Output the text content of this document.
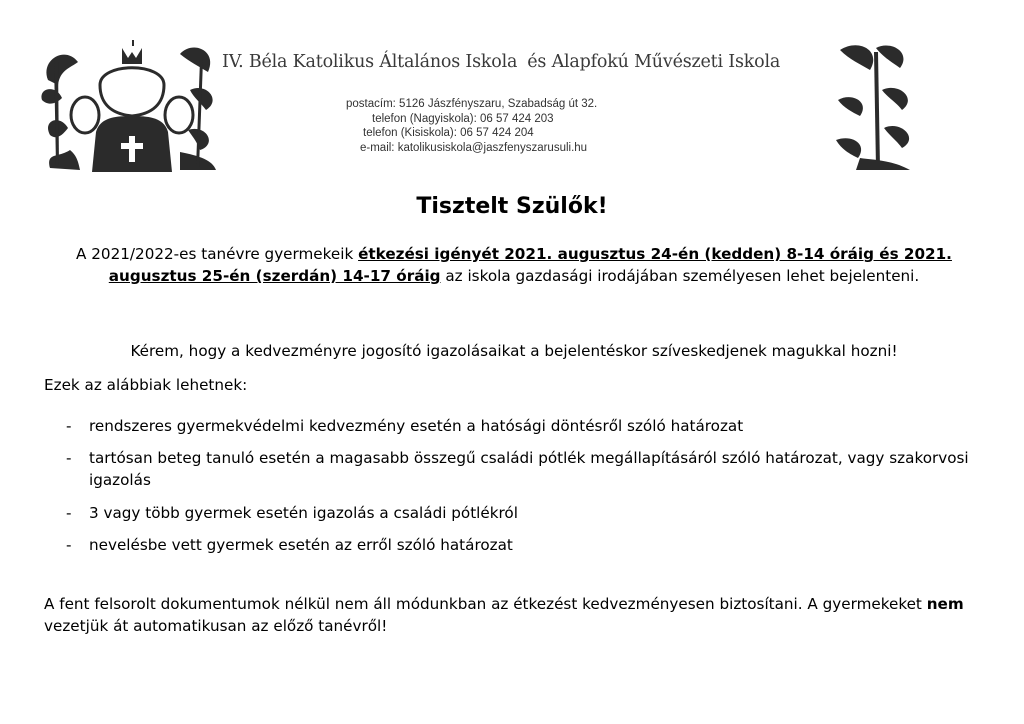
IV. Béla Katolikus Általános Iskola és Alapfokú Művészeti Iskola
postacím: 5126 Jászfényszaru, Szabadság út 32.
telefon (Nagyiskola): 06 57 424 203
telefon (Kisiskola): 06 57 424 204
e-mail: katolikusiskola@jaszfenyszarusuli.hu
Tisztelt Szülők!
A 2021/2022-es tanévre gyermekeik étkezési igényét 2021. augusztus 24-én (kedden) 8-14 óráig és 2021. augusztus 25-én (szerdán) 14-17 óráig az iskola gazdasági irodájában személyesen lehet bejelenteni.
Kérem, hogy a kedvezményre jogosító igazolásaikat a bejelentéskor szíveskedjenek magukkal hozni!
Ezek az alábbiak lehetnek:
- rendszeres gyermekvédelmi kedvezmény esetén a hatósági döntésről szóló határozat
- tartósan beteg tanuló esetén a magasabb összegű családi pótlék megállapításáról szóló határozat, vagy szakorvosi igazolás
- 3 vagy több gyermek esetén igazolás a családi pótlékról
- nevelésbe vett gyermek esetén az erről szóló határozat
A fent felsorolt dokumentumok nélkül nem áll módunkban az étkezést kedvezményesen biztosítani. A gyermekeket nem vezetjük át automatikusan az előző tanévről!
